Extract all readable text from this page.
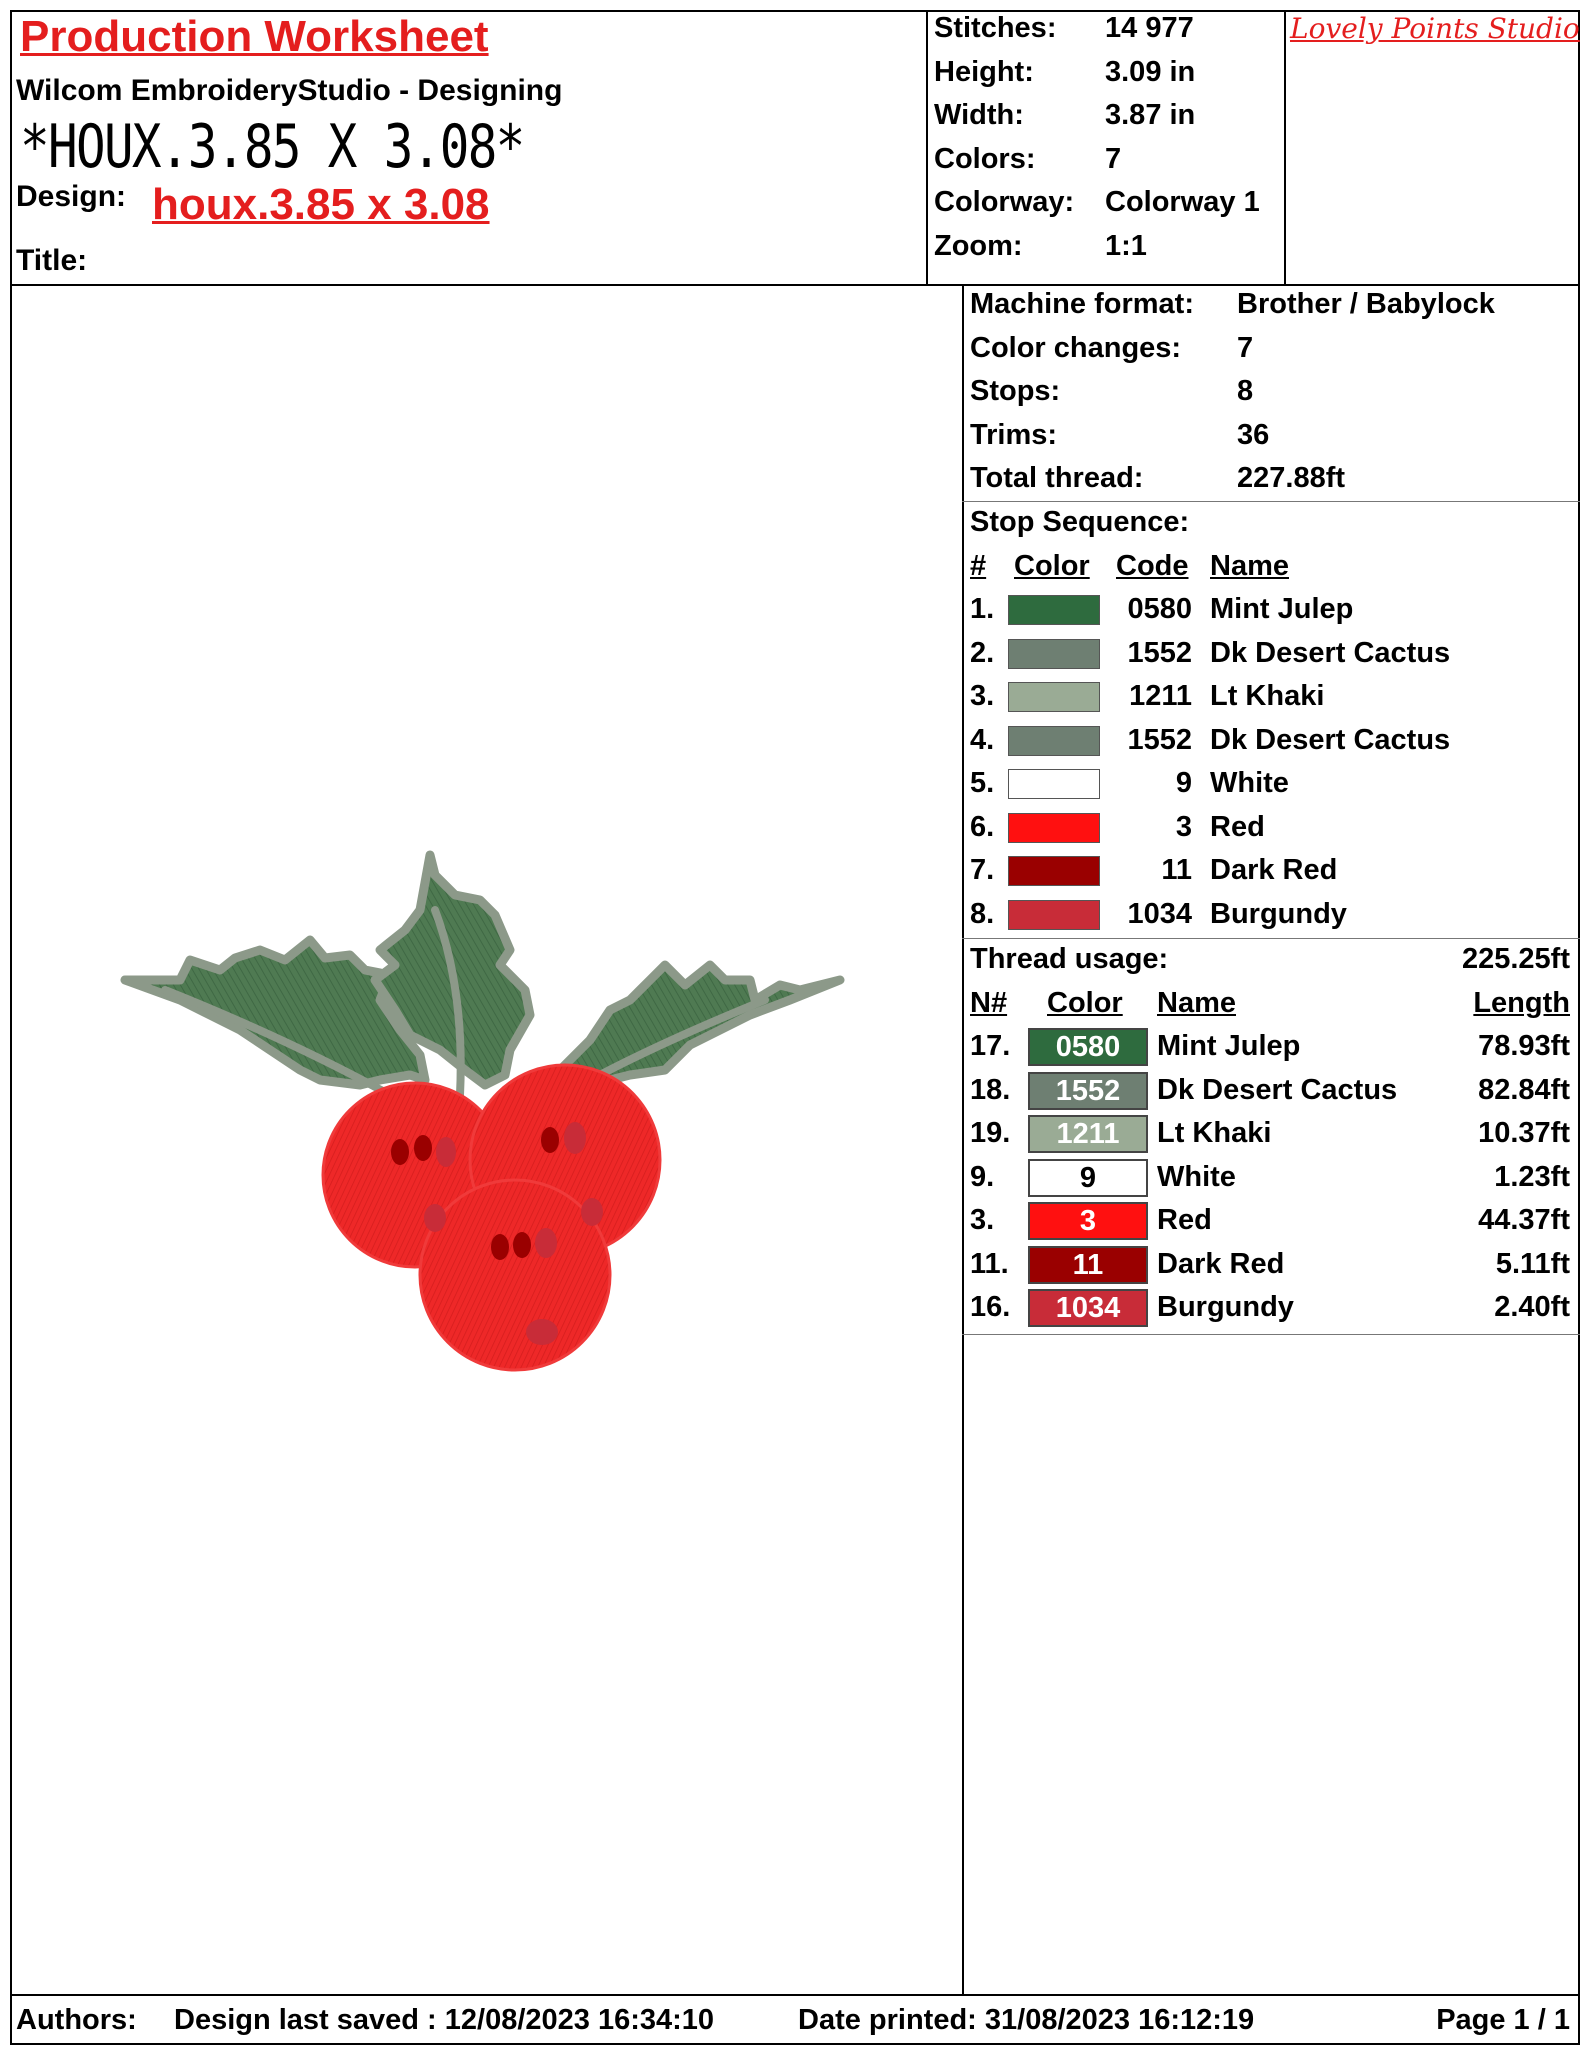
Production Worksheet
Wilcom EmbroideryStudio - Designing
*HOUX.3.85 X 3.08*
Design: houx.3.85 x 3.08
Title:
Stitches: 14 977
Height: 3.09 in
Width:	3.87 in
Colors: 7
Colorway: Colorway 1
Zoom:	1:1
Lovely Points Studio
Machine format: Brother / Babylock
Color changes: 7
Stops:	8
Trims:	36
Total thread:	227.88ft
Stop Sequence:
# Color Code Name
1.	0580 Mint Julep
2.	1552 Dk Desert Cactus
3.	1211 Lt Khaki
4.	1552 Dk Desert Cactus
5.	9 White
6.	3 Red
7.	11 Dark Red
8.	1034 Burgundy
Thread usage:	225.25ft
N# Color Name	Length
17.	0580	Mint Julep	78.93ft
18.	1552	Dk Desert Cactus	82.84ft
19.	1211	Lt Khaki	10.37ft
9.	9	White	1.23ft
3.	3	Red	44.37ft
11.	11	Dark Red	5.11ft
16.	1034	Burgundy	2.40ft
Authors: Design last saved : 12/08/2023 16:34:10	Date printed: 31/08/2023 16:12:19	Page 1 / 1
